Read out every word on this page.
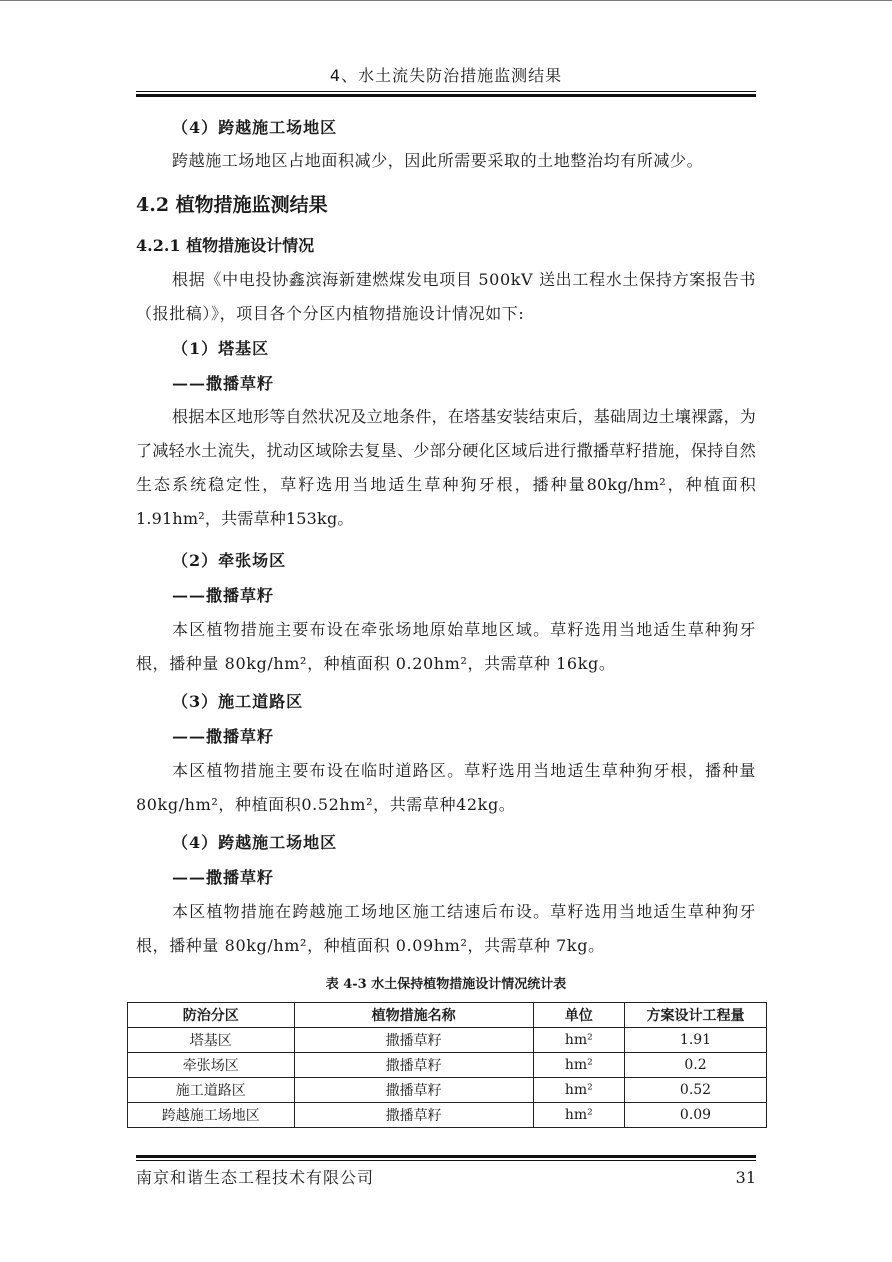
4、水土流失防治措施监测结果
（4）跨越施工场地区

跨越施工场地区占地面积减少，因此所需要采取的土地整治均有所减少。

4.2 植物措施监测结果
4.2.1 植物措施设计情况

根据《中电投协鑫滨海新建燃煤发电项目 500kV 送出工程水土保持方案报告书（报批稿）》，项目各个分区内植物措施设计情况如下:

（1）塔基区
——撒播草籽

根据本区地形等自然状况及立地条件，在塔基安装结束后，基础周边土壤裸露，为了减轻水土流失，扰动区域除去复垦、少部分硬化区域后进行撒播草籽措施，保持自然生态系统稳定性，草籽选用当地适生草种狗牙根，播种量80kg/hm²，种植面积1.91hm²，共需草种153kg。

（2）牵张场区
——撒播草籽

本区植物措施主要布设在牵张场地原始草地区域。草籽选用当地适生草种狗牙根，播种量 80kg/hm²，种植面积 0.20hm²，共需草种 16kg。

（3）施工道路区
——撒播草籽

本区植物措施主要布设在临时道路区。草籽选用当地适生草种狗牙根，播种量80kg/hm²，种植面积0.52hm²，共需草种42kg。

（4）跨越施工场地区
——撒播草籽

本区植物措施在跨越施工场地区施工结速后布设。草籽选用当地适生草种狗牙根，播种量 80kg/hm²，种植面积 0.09hm²，共需草种 7kg。

表 4-3 水土保持植物措施设计情况统计表
防治分区	植物措施名称	单位	方案设计工程量
塔基区	撒播草籽	hm²	1.91
牵张场区	撒播草籽	hm²	0.2
施工道路区	撒播草籽	hm²	0.52
跨越施工场地区	撒播草籽	hm²	0.09
南京和谐生态工程技术有限公司	31
